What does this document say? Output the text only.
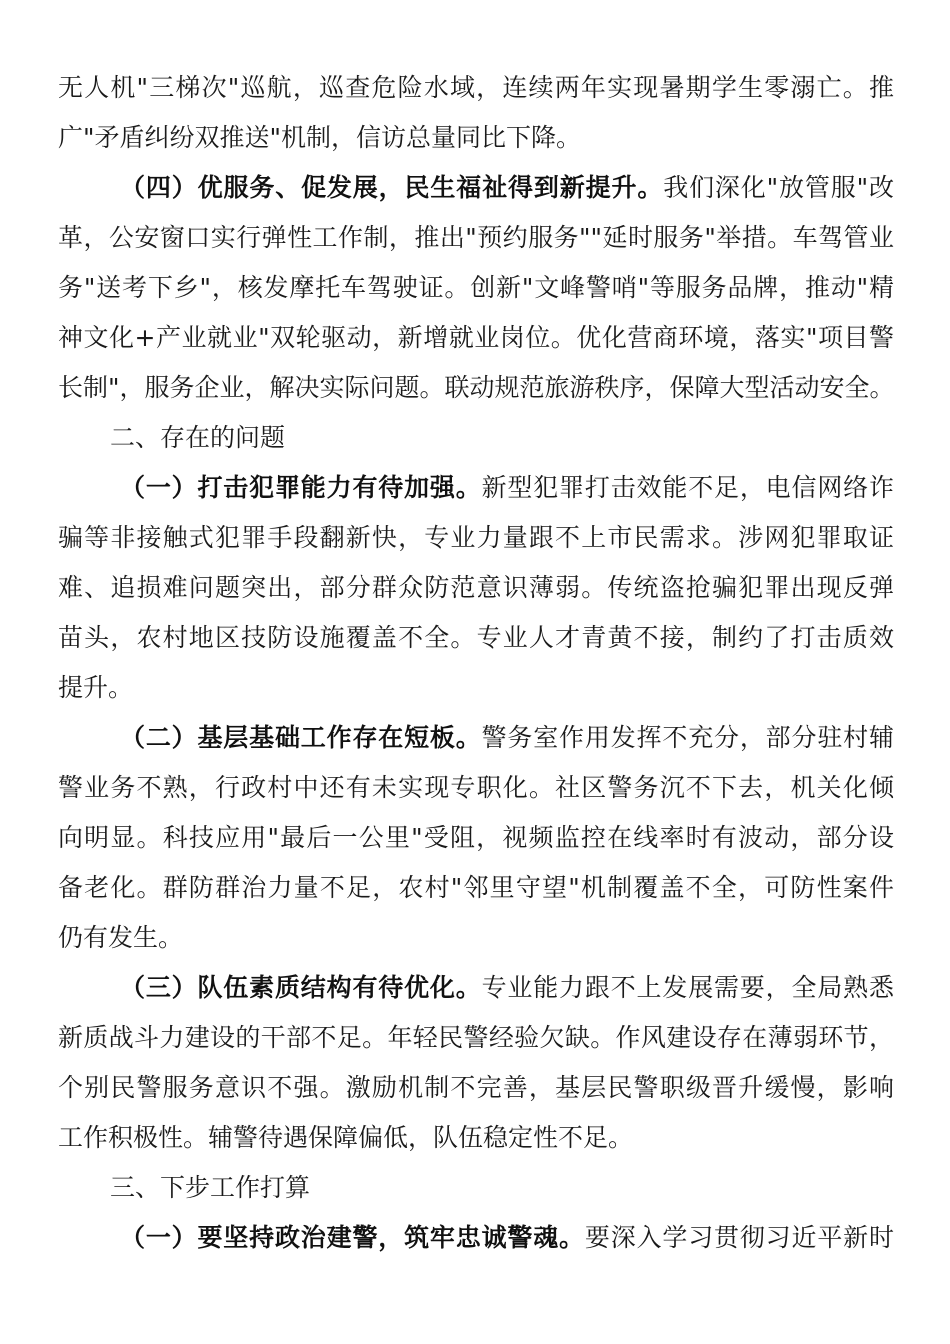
无人机"三梯次"巡航，巡查危险水域，连续两年实现暑期学生零溺亡。推
广"矛盾纠纷双推送"机制，信访总量同比下降。
（四）优服务、促发展，民生福祉得到新提升。我们深化"放管服"改
革，公安窗口实行弹性工作制，推出"预约服务""延时服务"举措。车驾管业
务"送考下乡"，核发摩托车驾驶证。创新"文峰警哨"等服务品牌，推动"精
神文化+产业就业"双轮驱动，新增就业岗位。优化营商环境，落实"项目警
长制"，服务企业，解决实际问题。联动规范旅游秩序，保障大型活动安全。
二、存在的问题
（一）打击犯罪能力有待加强。新型犯罪打击效能不足，电信网络诈
骗等非接触式犯罪手段翻新快，专业力量跟不上市民需求。涉网犯罪取证
难、追损难问题突出，部分群众防范意识薄弱。传统盗抢骗犯罪出现反弹
苗头，农村地区技防设施覆盖不全。专业人才青黄不接，制约了打击质效
提升。
（二）基层基础工作存在短板。警务室作用发挥不充分，部分驻村辅
警业务不熟，行政村中还有未实现专职化。社区警务沉不下去，机关化倾
向明显。科技应用"最后一公里"受阻，视频监控在线率时有波动，部分设
备老化。群防群治力量不足，农村"邻里守望"机制覆盖不全，可防性案件
仍有发生。
（三）队伍素质结构有待优化。专业能力跟不上发展需要，全局熟悉
新质战斗力建设的干部不足。年轻民警经验欠缺。作风建设存在薄弱环节，
个别民警服务意识不强。激励机制不完善，基层民警职级晋升缓慢，影响
工作积极性。辅警待遇保障偏低，队伍稳定性不足。
三、下步工作打算
（一）要坚持政治建警，筑牢忠诚警魂。要深入学习贯彻习近平新时
